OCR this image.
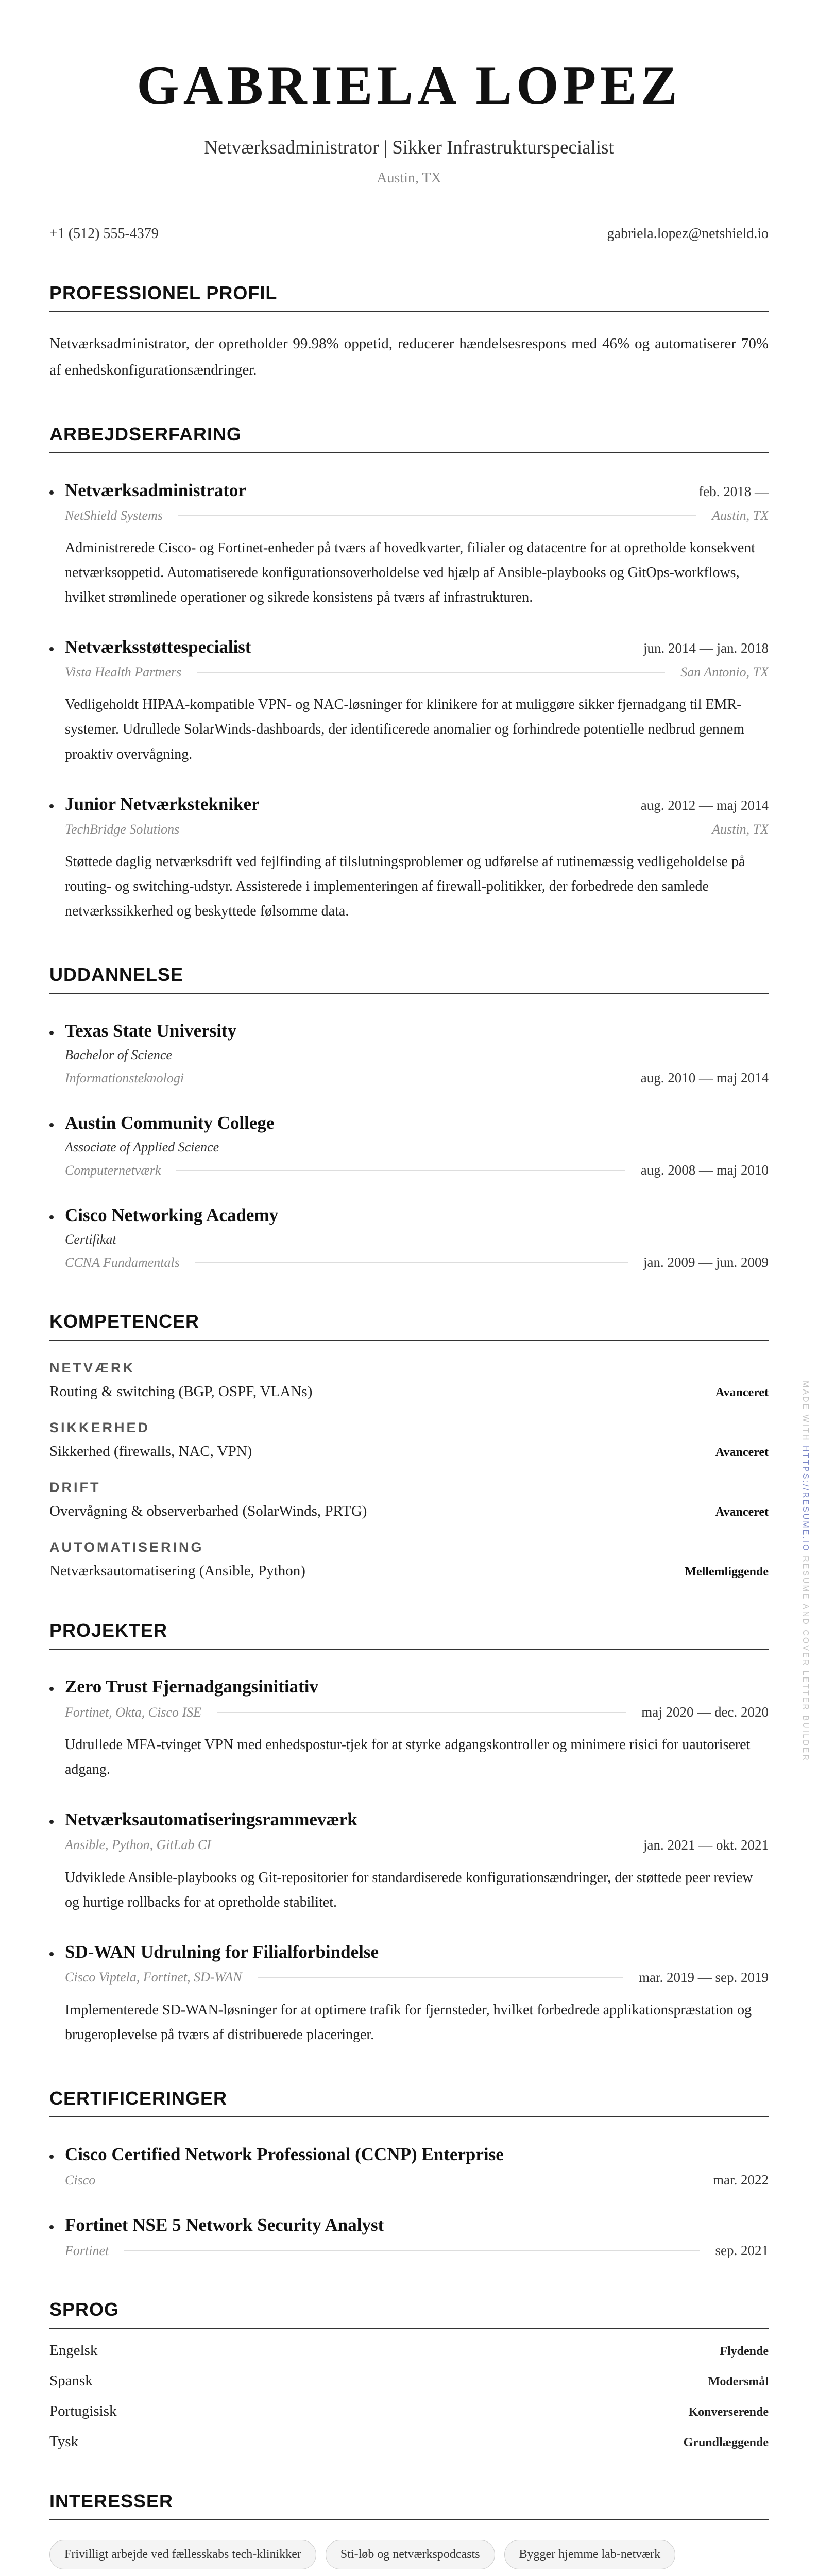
MADE WITH HTTPS://RESUME.IO RESUME AND COVER LETTER BUILDER
GABRIELA LOPEZ
Netværksadministrator | Sikker Infrastrukturspecialist
Austin, TX
+1 (512) 555-4379	gabriela.lopez@netshield.io
PROFESSIONEL PROFIL

Netværksadministrator, der opretholder 99.98% oppetid, reducerer hændelsesrespons med 46% og automatiserer 70% af enhedskonfigurationsændringer.

ARBEJDSERFARING
Netværksadministrator	feb. 2018 —
NetShield Systems	Austin, TX

Administrerede Cisco- og Fortinet-enheder på tværs af hovedkvarter, filialer og datacentre for at opretholde konsekvent netværksoppetid. Automatiserede konfigurationsoverholdelse ved hjælp af Ansible-playbooks og GitOps-workflows, hvilket strømlinede operationer og sikrede konsistens på tværs af infrastrukturen.

Netværksstøttespecialist	jun. 2014 — jan. 2018
Vista Health Partners	San Antonio, TX

Vedligeholdt HIPAA-kompatible VPN- og NAC-løsninger for klinikere for at muliggøre sikker fjernadgang til EMR-systemer. Udrullede SolarWinds-dashboards, der identificerede anomalier og forhindrede potentielle nedbrud gennem proaktiv overvågning.

Junior Netværkstekniker	aug. 2012 — maj 2014
TechBridge Solutions	Austin, TX

Støttede daglig netværksdrift ved fejlfinding af tilslutningsproblemer og udførelse af rutinemæssig vedligeholdelse på routing- og switching-udstyr. Assisterede i implementeringen af firewall-politikker, der forbedrede den samlede netværkssikkerhed og beskyttede følsomme data.

UDDANNELSE
Texas State University
Bachelor of Science
Informationsteknologi	aug. 2010 — maj 2014
Austin Community College
Associate of Applied Science
Computernetværk	aug. 2008 — maj 2010
Cisco Networking Academy
Certifikat
CCNA Fundamentals	jan. 2009 — jun. 2009
KOMPETENCER
NETVÆRK
Routing & switching (BGP, OSPF, VLANs)	Avanceret
SIKKERHED
Sikkerhed (firewalls, NAC, VPN)	Avanceret
DRIFT
Overvågning & observerbarhed (SolarWinds, PRTG)	Avanceret
AUTOMATISERING
Netværksautomatisering (Ansible, Python)	Mellemliggende
PROJEKTER
Zero Trust Fjernadgangsinitiativ
Fortinet, Okta, Cisco ISE	maj 2020 — dec. 2020

Udrullede MFA-tvinget VPN med enhedspostur-tjek for at styrke adgangskontroller og minimere risici for uautoriseret adgang.

Netværksautomatiseringsrammeværk
Ansible, Python, GitLab CI	jan. 2021 — okt. 2021

Udviklede Ansible-playbooks og Git-repositorier for standardiserede konfigurationsændringer, der støttede peer review og hurtige rollbacks for at opretholde stabilitet.

SD-WAN Udrulning for Filialforbindelse
Cisco Viptela, Fortinet, SD-WAN	mar. 2019 — sep. 2019

Implementerede SD-WAN-løsninger for at optimere trafik for fjernsteder, hvilket forbedrede applikationspræstation og brugeroplevelse på tværs af distribuerede placeringer.

CERTIFICERINGER
Cisco Certified Network Professional (CCNP) Enterprise
Cisco	mar. 2022
Fortinet NSE 5 Network Security Analyst
Fortinet	sep. 2021
SPROG
Engelsk	Flydende
Spansk	Modersmål
Portugisisk	Konverserende
Tysk	Grundlæggende
INTERESSER
Frivilligt arbejde ved fællesskabs tech-klinikker	Sti-løb og netværkspodcasts	Bygger hjemme lab-netværk
